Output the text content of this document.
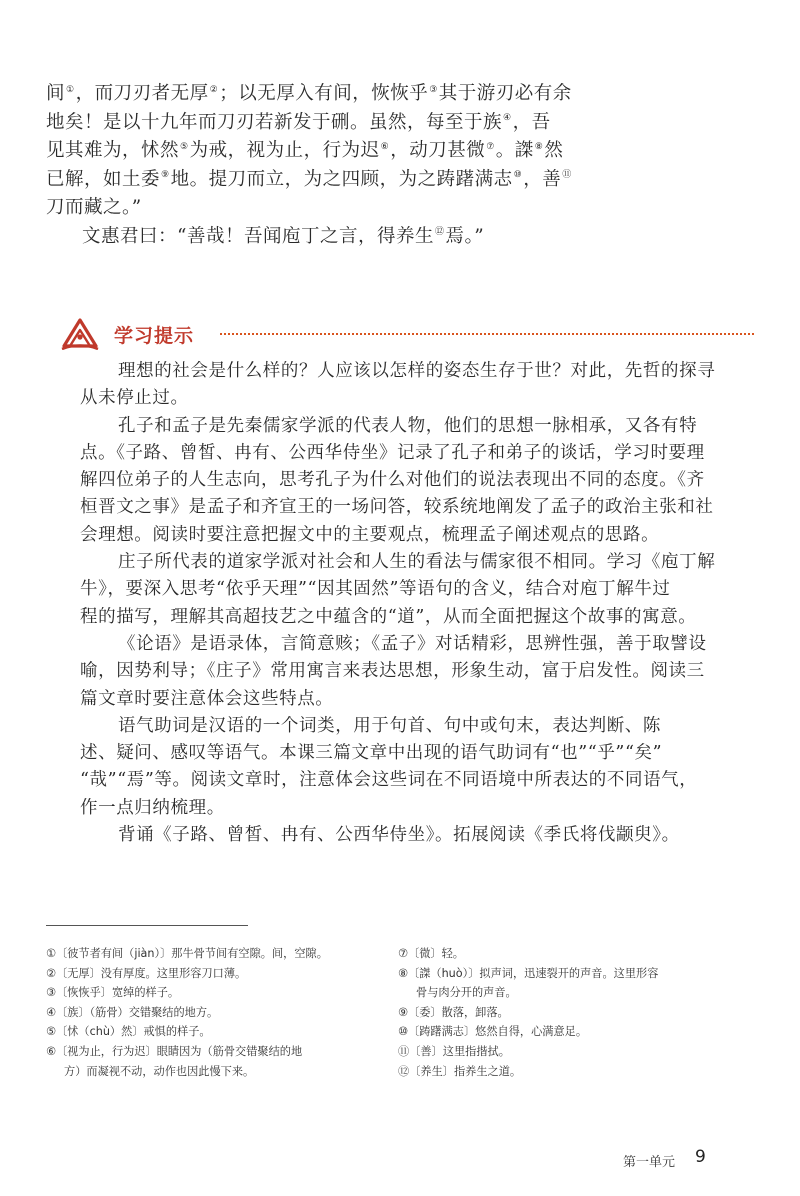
间①，而刀刃者无厚②；以无厚入有间，恢恢乎③其于游刃必有余
地矣！是以十九年而刀刃若新发于硎。虽然，每至于族④，吾
见其难为，怵然⑤为戒，视为止，行为迟⑥，动刀甚微⑦。謋⑧然
已解，如土委⑨地。提刀而立，为之四顾，为之踌躇满志⑩，善⑪
刀而藏之。”
文惠君曰：“善哉！吾闻庖丁之言，得养生⑫焉。”
学习提示
理想的社会是什么样的？人应该以怎样的姿态生存于世？对此，先哲的探寻
从未停止过。
孔子和孟子是先秦儒家学派的代表人物，他们的思想一脉相承，又各有特
点。《子路、曾皙、冉有、公西华侍坐》记录了孔子和弟子的谈话，学习时要理
解四位弟子的人生志向，思考孔子为什么对他们的说法表现出不同的态度。《齐
桓晋文之事》是孟子和齐宣王的一场问答，较系统地阐发了孟子的政治主张和社
会理想。阅读时要注意把握文中的主要观点，梳理孟子阐述观点的思路。
庄子所代表的道家学派对社会和人生的看法与儒家很不相同。学习《庖丁解
牛》，要深入思考“依乎天理”“因其固然”等语句的含义，结合对庖丁解牛过
程的描写，理解其高超技艺之中蕴含的“道”，从而全面把握这个故事的寓意。
《论语》是语录体，言简意赅；《孟子》对话精彩，思辨性强，善于取譬设
喻，因势利导；《庄子》常用寓言来表达思想，形象生动，富于启发性。阅读三
篇文章时要注意体会这些特点。
语气助词是汉语的一个词类，用于句首、句中或句末，表达判断、陈
述、疑问、感叹等语气。本课三篇文章中出现的语气助词有“也”“乎”“矣”
“哉”“焉”等。阅读文章时，注意体会这些词在不同语境中所表达的不同语气，
作一点归纳梳理。
背诵《子路、曾皙、冉有、公西华侍坐》。拓展阅读《季氏将伐颛臾》。
①〔彼节者有间（jiàn）〕那牛骨节间有空隙。间，空隙。
②〔无厚〕没有厚度。这里形容刀口薄。
③〔恢恢乎〕宽绰的样子。
④〔族〕（筋骨）交错聚结的地方。
⑤〔怵（chù）然〕戒惧的样子。
⑥〔视为止，行为迟〕眼睛因为（筋骨交错聚结的地
方）而凝视不动，动作也因此慢下来。
⑦〔微〕轻。
⑧〔謋（huò）〕拟声词，迅速裂开的声音。这里形容
骨与肉分开的声音。
⑨〔委〕散落，卸落。
⑩〔踌躇满志〕悠然自得，心满意足。
⑪〔善〕这里指揩拭。
⑫〔养生〕指养生之道。
第一单元 9
